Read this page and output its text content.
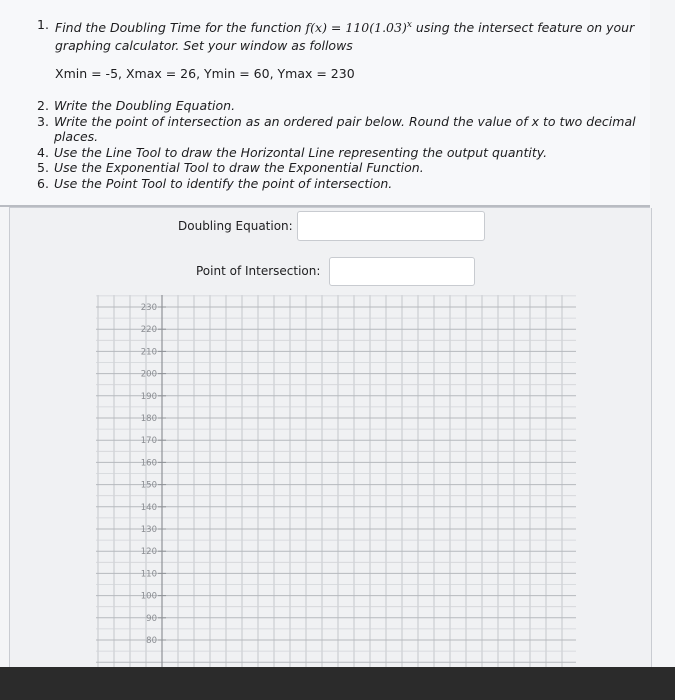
1. Find the Doubling Time for the function $f(x) = 110(1.03)^x$ using the intersect feature on your graphing calculator. Set your window as follows
Xmin = -5, Xmax = 26, Ymin = 60, Ymax = 230
2. Write the Doubling Equation.
3. Write the point of intersection as an ordered pair below. Round the value of x to two decimal places.
4. Use the Line Tool to draw the Horizontal Line representing the output quantity.
5. Use the Exponential Tool to draw the Exponential Function.
6. Use the Point Tool to identify the point of intersection.
Doubling Equation:
Point of Intersection:
230
220
210
200
190
180
170
160
150
140
130
120
110
100
90
80
